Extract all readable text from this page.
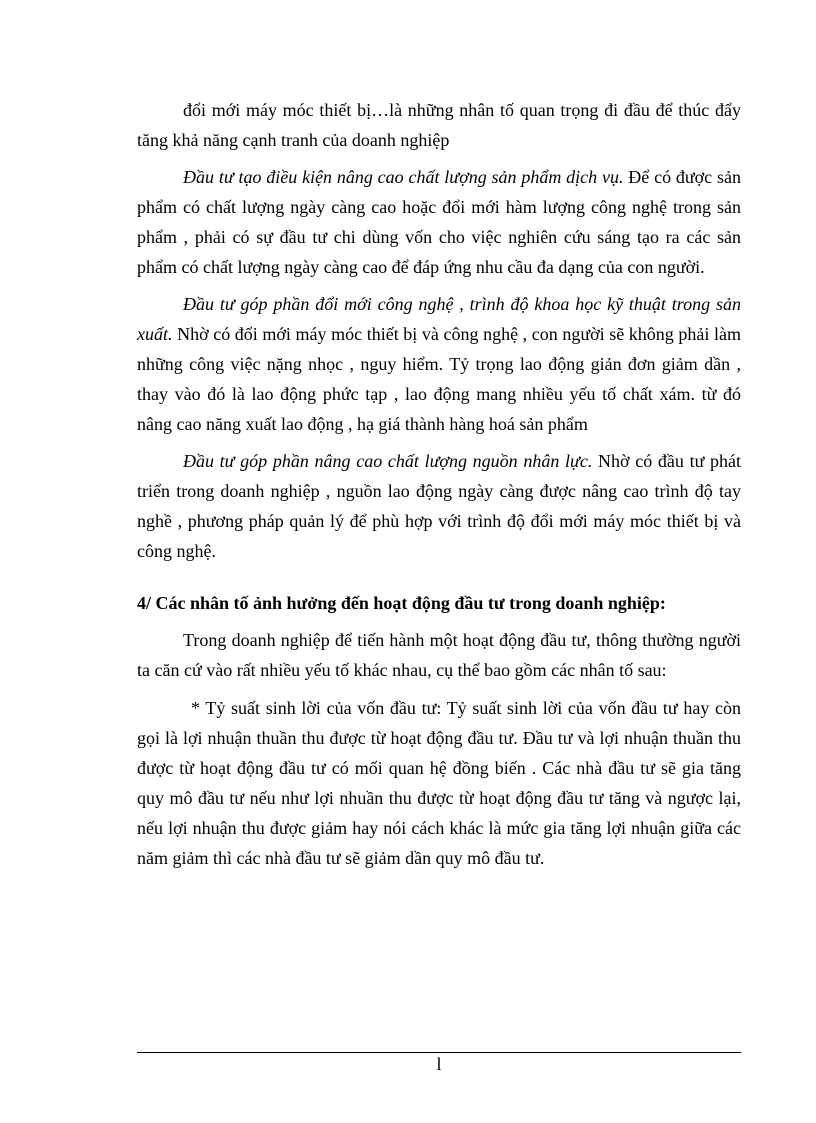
đổi mới máy móc thiết bị…là những nhân tố quan trọng đi đầu để thúc đẩy tăng khả năng cạnh tranh của doanh nghiệp

Đầu tư tạo điều kiện nâng cao chất lượng sản phẩm dịch vụ. Để có được sản phẩm có chất lượng ngày càng cao hoặc đổi mới hàm lượng công nghệ trong sản phẩm , phải có sự đầu tư chi dùng vốn cho việc nghiên cứu sáng tạo ra các sản phẩm có chất lượng ngày càng cao để đáp ứng nhu cầu đa dạng của con người.

Đầu tư góp phần đổi mới công nghệ , trình độ khoa học kỹ thuật trong sản xuất. Nhờ có đổi mới máy móc thiết bị và công nghệ , con người sẽ không phải làm những công việc nặng nhọc , nguy hiểm. Tỷ trọng lao động giản đơn giảm dần , thay vào đó là lao động phức tạp , lao động mang nhiều yếu tố chất xám. từ đó nâng cao năng xuất lao động , hạ giá thành hàng hoá sản phẩm

Đầu tư góp phần nâng cao chất lượng nguồn nhân lực. Nhờ có đầu tư phát triển trong doanh nghiệp , nguồn lao động ngày càng được nâng cao trình độ tay nghề , phương pháp quản lý để phù hợp với trình độ đổi mới máy móc thiết bị và công nghệ.

4/ Các nhân tố ảnh hưởng đến hoạt động đầu tư trong doanh nghiệp:

Trong doanh nghiệp để tiến hành một hoạt động đầu tư, thông thường người ta căn cứ vào rất nhiều yếu tố khác nhau, cụ thể bao gồm các nhân tố sau:

* Tỷ suất sinh lời của vốn đầu tư: Tỷ suất sinh lời của vốn đầu tư hay còn gọi là lợi nhuận thuần thu được từ hoạt động đầu tư. Đầu tư và lợi nhuận thuần thu được từ hoạt động đầu tư có mối quan hệ đồng biến . Các nhà đầu tư sẽ gia tăng quy mô đầu tư nếu như lợi nhuần thu được từ hoạt động đầu tư tăng và ngược lại, nếu lợi nhuận thu được giảm hay nói cách khác là mức gia tăng lợi nhuận giữa các năm giảm thì các nhà đầu tư sẽ giảm dần quy mô đầu tư.

l
